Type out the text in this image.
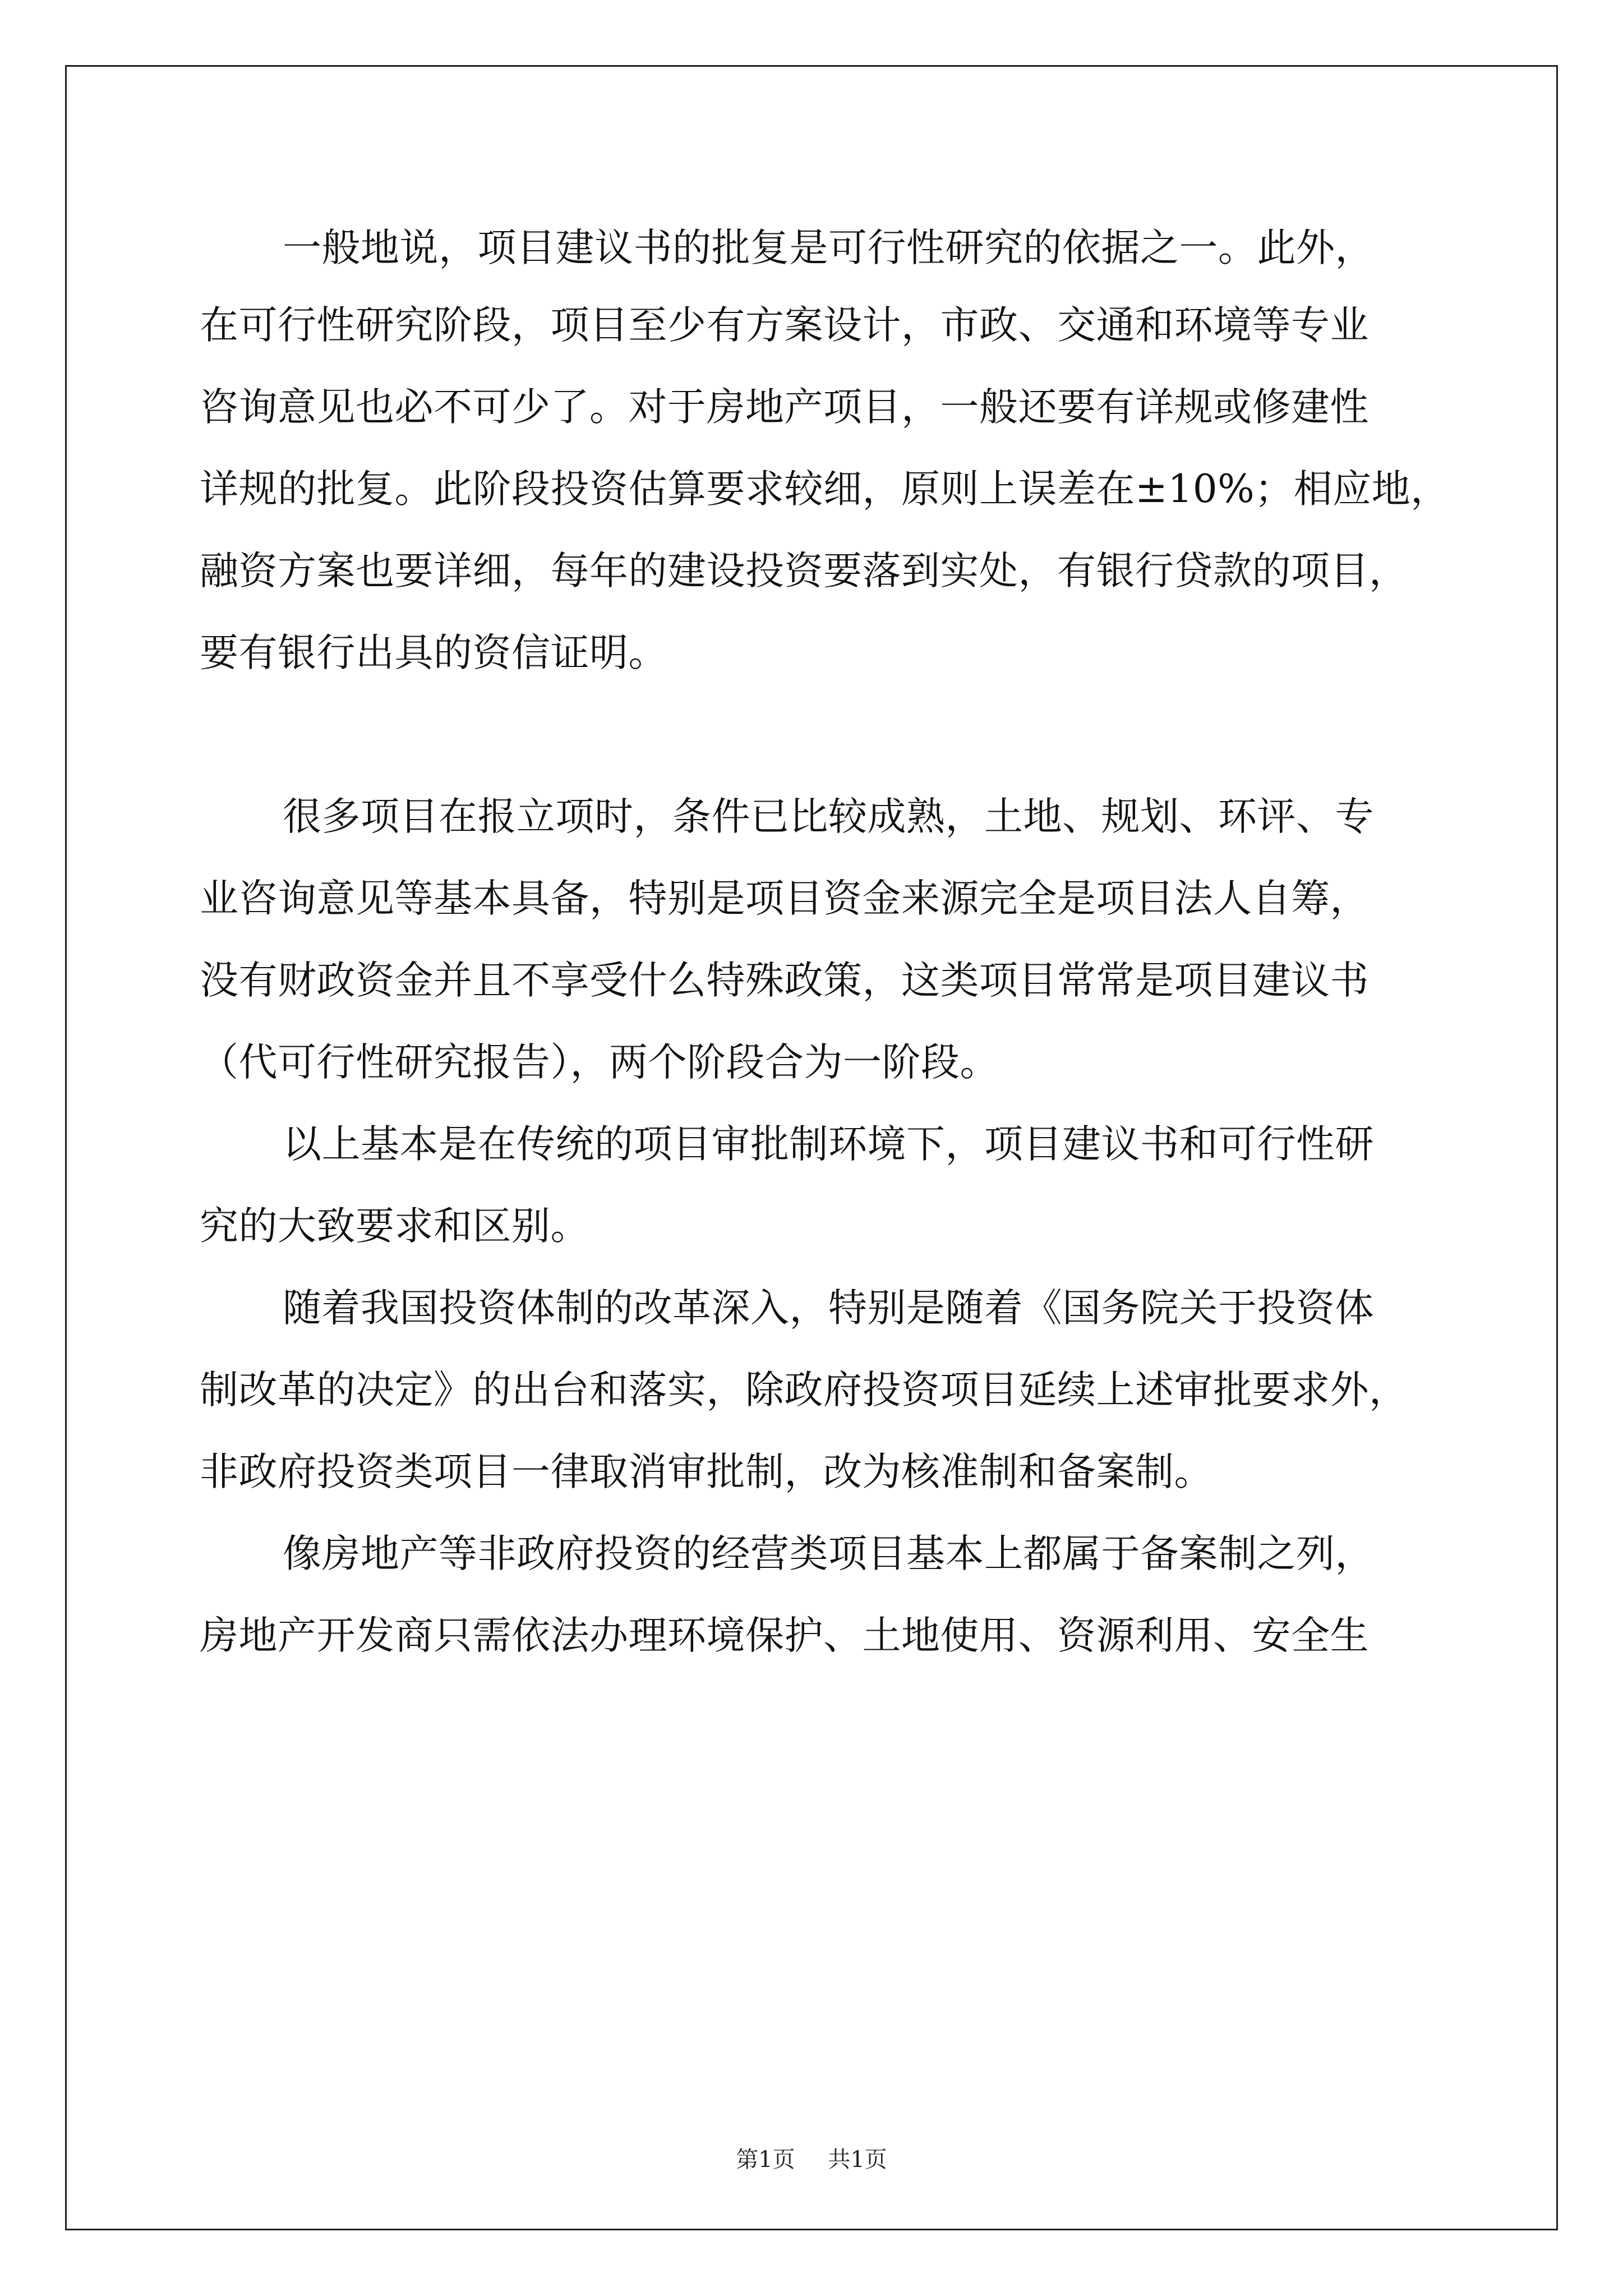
一般地说，项目建议书的批复是可行性研究的依据之一。此外，
在可行性研究阶段，项目至少有方案设计，市政、交通和环境等专业
咨询意见也必不可少了。对于房地产项目，一般还要有详规或修建性
详规的批复。此阶段投资估算要求较细，原则上误差在±10%；相应地，
融资方案也要详细，每年的建设投资要落到实处，有银行贷款的项目，
要有银行出具的资信证明。
很多项目在报立项时，条件已比较成熟，土地、规划、环评、专
业咨询意见等基本具备，特别是项目资金来源完全是项目法人自筹，
没有财政资金并且不享受什么特殊政策，这类项目常常是项目建议书
（代可行性研究报告），两个阶段合为一阶段。
以上基本是在传统的项目审批制环境下，项目建议书和可行性研
究的大致要求和区别。
随着我国投资体制的改革深入，特别是随着《国务院关于投资体
制改革的决定》的出台和落实，除政府投资项目延续上述审批要求外，
非政府投资类项目一律取消审批制，改为核准制和备案制。
像房地产等非政府投资的经营类项目基本上都属于备案制之列，
房地产开发商只需依法办理环境保护、土地使用、资源利用、安全生
第1页 共1页
